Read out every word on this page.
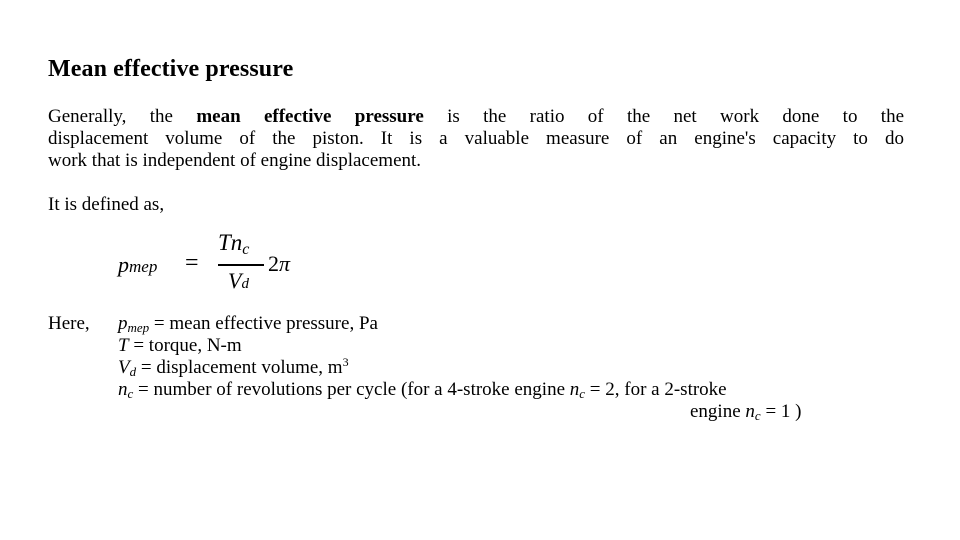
Mean effective pressure
Generally, the mean effective pressure is the ratio of the net work done to the
displacement volume of the piston. It is a valuable measure of an engine's capacity to do
work that is independent of engine displacement.
It is defined as,
pmep =
$Tn_c$
Vd
2π
Here, $p_{mep}$ = mean effective pressure, Pa
T = torque, N-m
$V_d$ = displacement volume, $m^3$
$n_c$ = number of revolutions per cycle (for a 4-stroke engine $n_c = 2$, for a 2-stroke
engine $n_c = 1$ )
